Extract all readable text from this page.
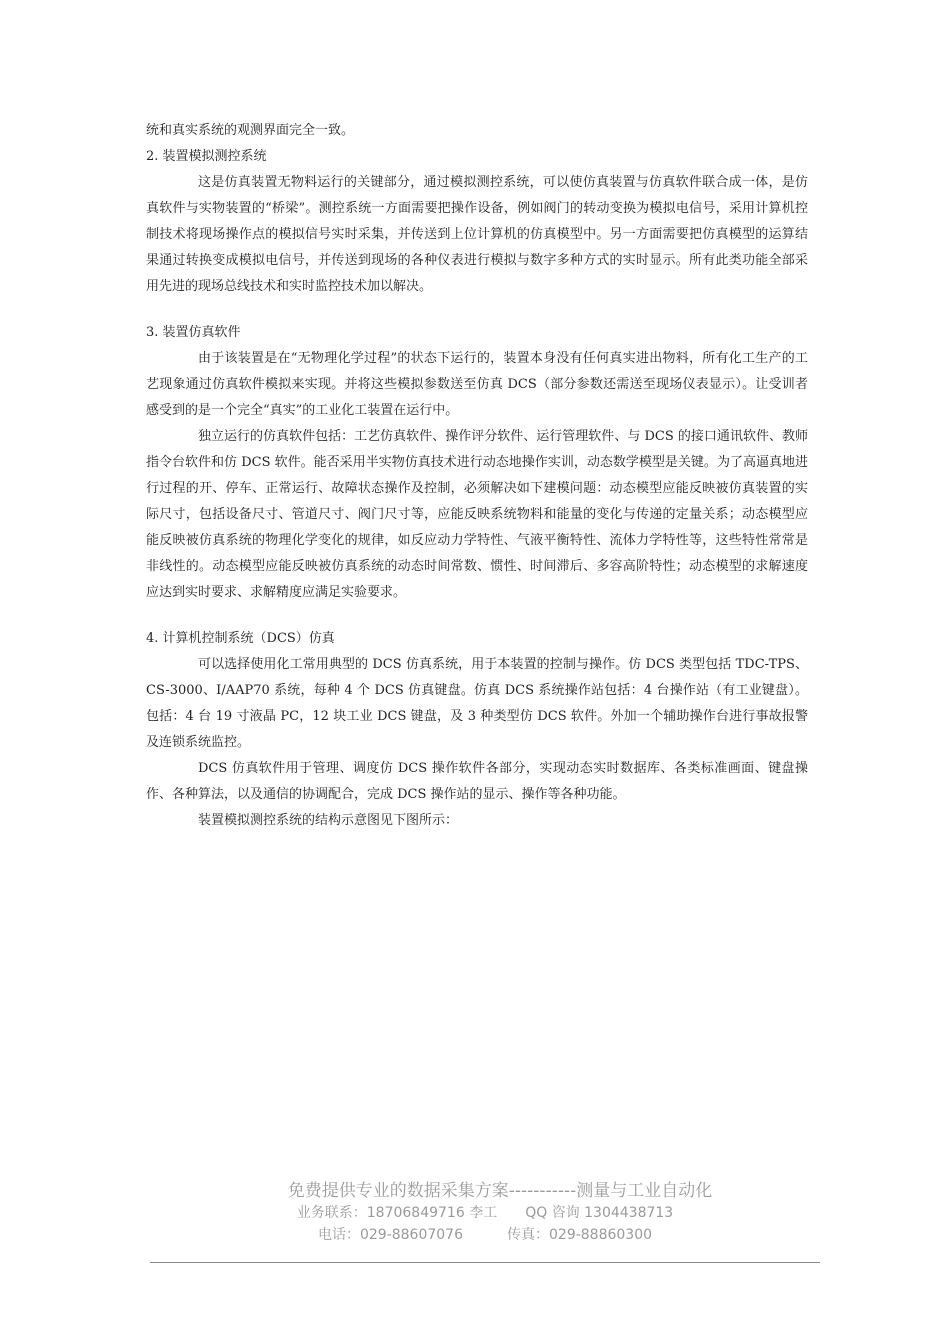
统和真实系统的观测界面完全一致。

2. 装置模拟测控系统

这是仿真装置无物料运行的关键部分，通过模拟测控系统，可以使仿真装置与仿真软件联合成一体，是仿真软件与实物装置的“桥梁”。测控系统一方面需要把操作设备，例如阀门的转动变换为模拟电信号，采用计算机控制技术将现场操作点的模拟信号实时采集，并传送到上位计算机的仿真模型中。另一方面需要把仿真模型的运算结果通过转换变成模拟电信号，并传送到现场的各种仪表进行模拟与数字多种方式的实时显示。所有此类功能全部采用先进的现场总线技术和实时监控技术加以解决。

3. 装置仿真软件

由于该装置是在“无物理化学过程”的状态下运行的，装置本身没有任何真实进出物料，所有化工生产的工艺现象通过仿真软件模拟来实现。并将这些模拟参数送至仿真 DCS（部分参数还需送至现场仪表显示）。让受训者感受到的是一个完全“真实”的工业化工装置在运行中。

独立运行的仿真软件包括：工艺仿真软件、操作评分软件、运行管理软件、与 DCS 的接口通讯软件、教师指令台软件和仿 DCS 软件。能否采用半实物仿真技术进行动态地操作实训，动态数学模型是关键。为了高逼真地进行过程的开、停车、正常运行、故障状态操作及控制，必须解决如下建模问题：动态模型应能反映被仿真装置的实际尺寸，包括设备尺寸、管道尺寸、阀门尺寸等，应能反映系统物料和能量的变化与传递的定量关系；动态模型应能反映被仿真系统的物理化学变化的规律，如反应动力学特性、气液平衡特性、流体力学特性等，这些特性常常是非线性的。动态模型应能反映被仿真系统的动态时间常数、惯性、时间滞后、多容高阶特性；动态模型的求解速度应达到实时要求、求解精度应满足实验要求。

4. 计算机控制系统（DCS）仿真

可以选择使用化工常用典型的 DCS 仿真系统，用于本装置的控制与操作。仿 DCS 类型包括 TDC-TPS、CS-3000、I/AAP70 系统，每种 4 个 DCS 仿真键盘。仿真 DCS 系统操作站包括：4 台操作站（有工业键盘）。包括：4 台 19 寸液晶 PC，12 块工业 DCS 键盘，及 3 种类型仿 DCS 软件。外加一个辅助操作台进行事故报警及连锁系统监控。

DCS 仿真软件用于管理、调度仿 DCS 操作软件各部分，实现动态实时数据库、各类标准画面、键盘操作、各种算法，以及通信的协调配合，完成 DCS 操作站的显示、操作等各种功能。

装置模拟测控系统的结构示意图见下图所示：

免费提供专业的数据采集方案-----------测量与工业自动化
业务联系：18706849716 李工 QQ 咨询 1304438713
电话：029-88607076	传真：029-88860300
